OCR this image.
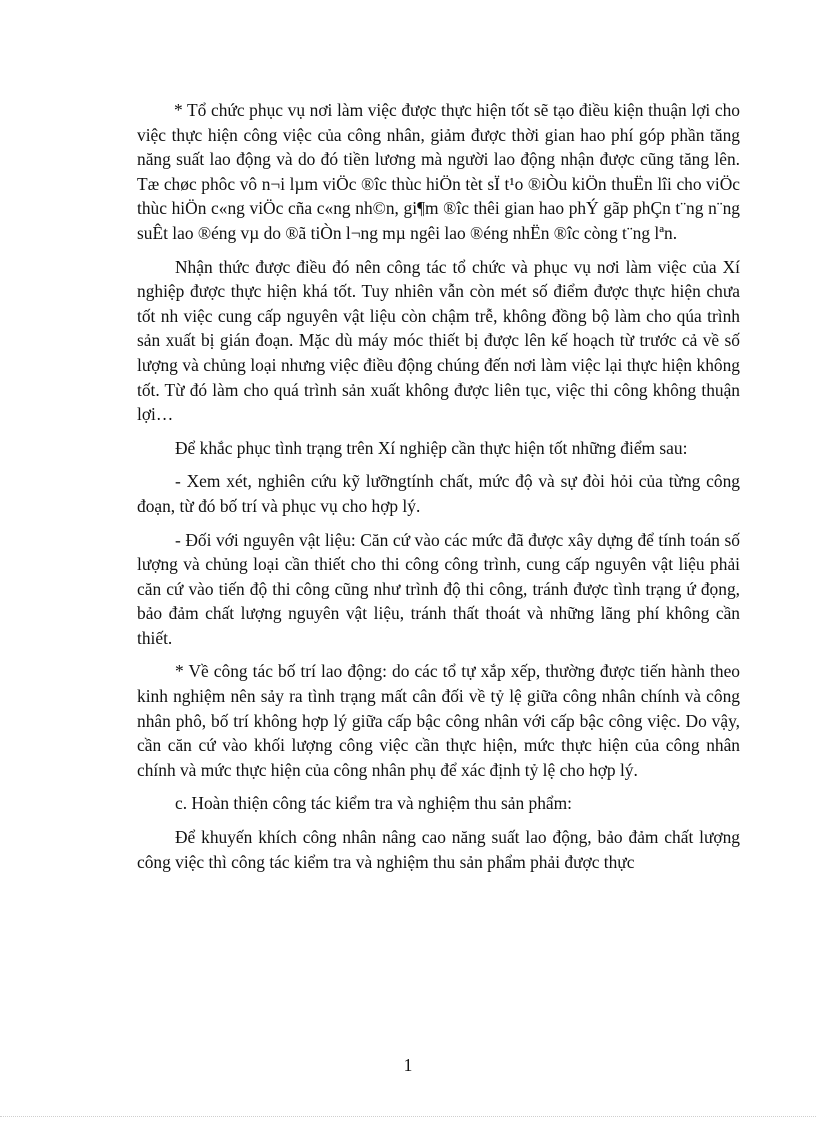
* Tổ chức phục vụ nơi làm việc được thực hiện tốt sẽ tạo điều kiện thuận lợi cho việc thực hiện công việc của công nhân, giảm được thời gian hao phí góp phần tăng năng suất lao động và do đó tiền lương mà người lao động nhận được cũng tăng lên. Tæ chøc phôc vô n¬i lµm viÖc ®îc thùc hiÖn tèt sÏ t¹o ®iÒu kiÖn thuËn lîi cho viÖc thùc hiÖn c«ng viÖc cña c«ng nh©n, gi¶m ®îc thêi gian hao phÝ gãp phÇn t¨ng n¨ng suÊt lao ®éng vµ do ®ã tiÒn l¬ng mµ ngêi lao ®éng nhËn ®îc còng t¨ng lªn.

Nhận thức được điều đó nên công tác tổ chức và phục vụ nơi làm việc của Xí nghiệp được thực hiện khá tốt. Tuy nhiên vẫn còn mét số điểm được thực hiện chưa tốt nh việc cung cấp nguyên vật liệu còn chậm trễ, không đồng bộ làm cho qúa trình sản xuất bị gián đoạn. Mặc dù máy móc thiết bị được lên kế hoạch từ trước cả về số lượng và chủng loại nhưng việc điều động chúng đến nơi làm việc lại thực hiện không tốt. Từ đó làm cho quá trình sản xuất không được liên tục, việc thi công không thuận lợi…

Để khắc phục tình trạng trên Xí nghiệp cần thực hiện tốt những điểm sau:

- Xem xét, nghiên cứu kỹ lưỡngtính chất, mức độ và sự đòi hỏi của từng công đoạn, từ đó bố trí và phục vụ cho hợp lý.

- Đối với nguyên vật liệu: Căn cứ vào các mức đã được xây dựng để tính toán số lượng và chủng loại cần thiết cho thi công công trình, cung cấp nguyên vật liệu phải căn cứ vào tiến độ thi công cũng như trình độ thi công, tránh được tình trạng ứ đọng, bảo đảm chất lượng nguyên vật liệu, tránh thất thoát và những lãng phí không cần thiết.

* Về công tác bố trí lao động: do các tổ tự xắp xếp, thường được tiến hành theo kinh nghiệm nên sảy ra tình trạng mất cân đối về tỷ lệ giữa công nhân chính và công nhân phô, bố trí không hợp lý giữa cấp bậc công nhân với cấp bậc công việc. Do vậy, cần căn cứ vào khối lượng công việc cần thực hiện, mức thực hiện của công nhân chính và mức thực hiện của công nhân phụ để xác định tỷ lệ cho hợp lý.

c. Hoàn thiện công tác kiểm tra và nghiệm thu sản phẩm:

Để khuyến khích công nhân nâng cao năng suất lao động, bảo đảm chất lượng công việc thì công tác kiểm tra và nghiệm thu sản phẩm phải được thực

1
